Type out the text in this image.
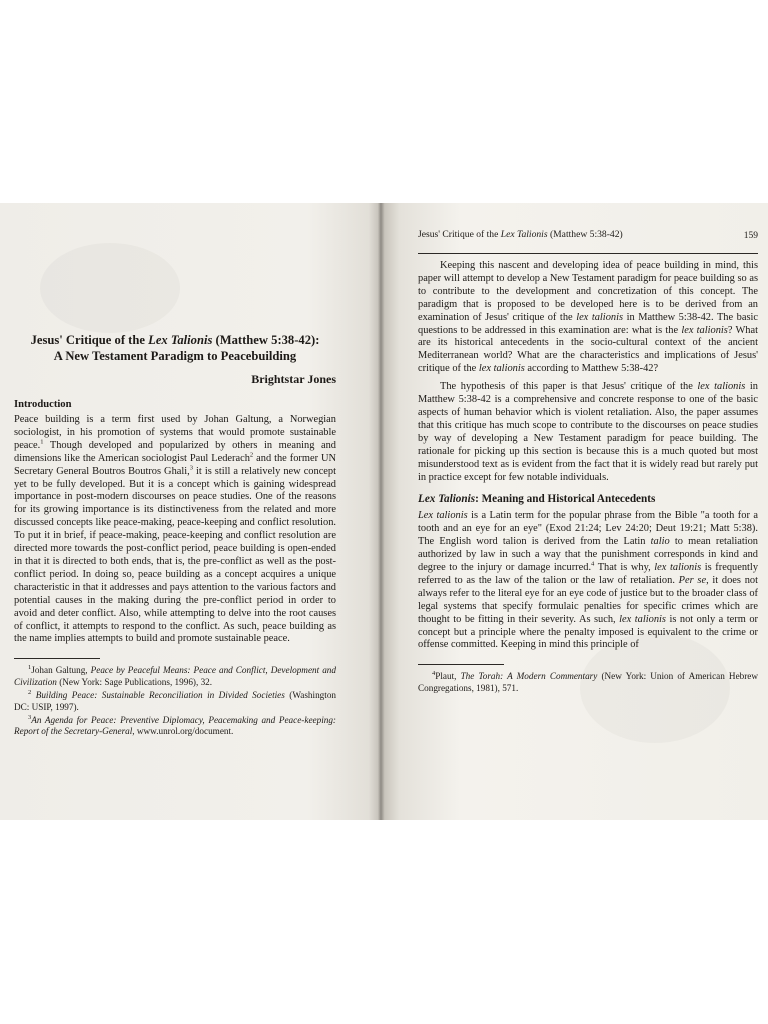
Jesus' Critique of the Lex Talionis (Matthew 5:38-42):
A New Testament Paradigm to Peacebuilding
Brightstar Jones
Introduction

Peace building is a term first used by Johan Galtung, a Norwegian sociologist, in his promotion of systems that would promote sustainable peace.$^1$ Though developed and popularized by others in meaning and dimensions like the American sociologist Paul Lederach$^2$ and the former UN Secretary General Boutros Boutros Ghali,$^3$ it is still a relatively new concept yet to be fully developed. But it is a concept which is gaining widespread importance in post-modern discourses on peace studies. One of the reasons for its growing importance is its distinctiveness from the related and more discussed concepts like peace-making, peace-keeping and conflict resolution. To put it in brief, if peace-making, peace-keeping and conflict resolution are directed more towards the post-conflict period, peace building is open-ended in that it is directed to both ends, that is, the pre-conflict as well as the post-conflict period. In doing so, peace building as a concept acquires a unique characteristic in that it addresses and pays attention to the various factors and potential causes in the making during the pre-conflict period in order to avoid and deter conflict. Also, while attempting to delve into the root causes of conflict, it attempts to respond to the conflict. As such, peace building as the name implies attempts to build and promote sustainable peace.

$^1$Johan Galtung, Peace by Peaceful Means: Peace and Conflict, Development and Civilization (New York: Sage Publications, 1996), 32.

$^2$ Building Peace: Sustainable Reconciliation in Divided Societies (Washington DC: USIP, 1997).

$^3$An Agenda for Peace: Preventive Diplomacy, Peacemaking and Peace-keeping: Report of the Secretary-General, www.unrol.org/document.

Jesus' Critique of the Lex Talionis (Matthew 5:38-42)	159

Keeping this nascent and developing idea of peace building in mind, this paper will attempt to develop a New Testament paradigm for peace building so as to contribute to the development and concretization of this concept. The paradigm that is proposed to be developed here is to be derived from an examination of Jesus' critique of the lex talionis in Matthew 5:38-42. The basic questions to be addressed in this examination are: what is the lex talionis? What are its historical antecedents in the socio-cultural context of the ancient Mediterranean world? What are the characteristics and implications of Jesus' critique of the lex talionis according to Matthew 5:38-42?

The hypothesis of this paper is that Jesus' critique of the lex talionis in Matthew 5:38-42 is a comprehensive and concrete response to one of the basic aspects of human behavior which is violent retaliation. Also, the paper assumes that this critique has much scope to contribute to the discourses on peace studies by way of developing a New Testament paradigm for peace building. The rationale for picking up this section is because this is a much quoted but most misunderstood text as is evident from the fact that it is widely read but rarely put in practice except for few notable individuals.

Lex Talionis: Meaning and Historical Antecedents

Lex talionis is a Latin term for the popular phrase from the Bible "a tooth for a tooth and an eye for an eye" (Exod 21:24; Lev 24:20; Deut 19:21; Matt 5:38). The English word talion is derived from the Latin talio to mean retaliation authorized by law in such a way that the punishment corresponds in kind and degree to the injury or damage incurred.$^4$ That is why, lex talionis is frequently referred to as the law of the talion or the law of retaliation. Per se, it does not always refer to the literal eye for an eye code of justice but to the broader class of legal systems that specify formulaic penalties for specific crimes which are thought to be fitting in their severity. As such, lex talionis is not only a term or concept but a principle where the penalty imposed is equivalent to the crime or offense committed. Keeping in mind this principle of

$^4$Plaut, The Torah: A Modern Commentary (New York: Union of American Hebrew Congregations, 1981), 571.
